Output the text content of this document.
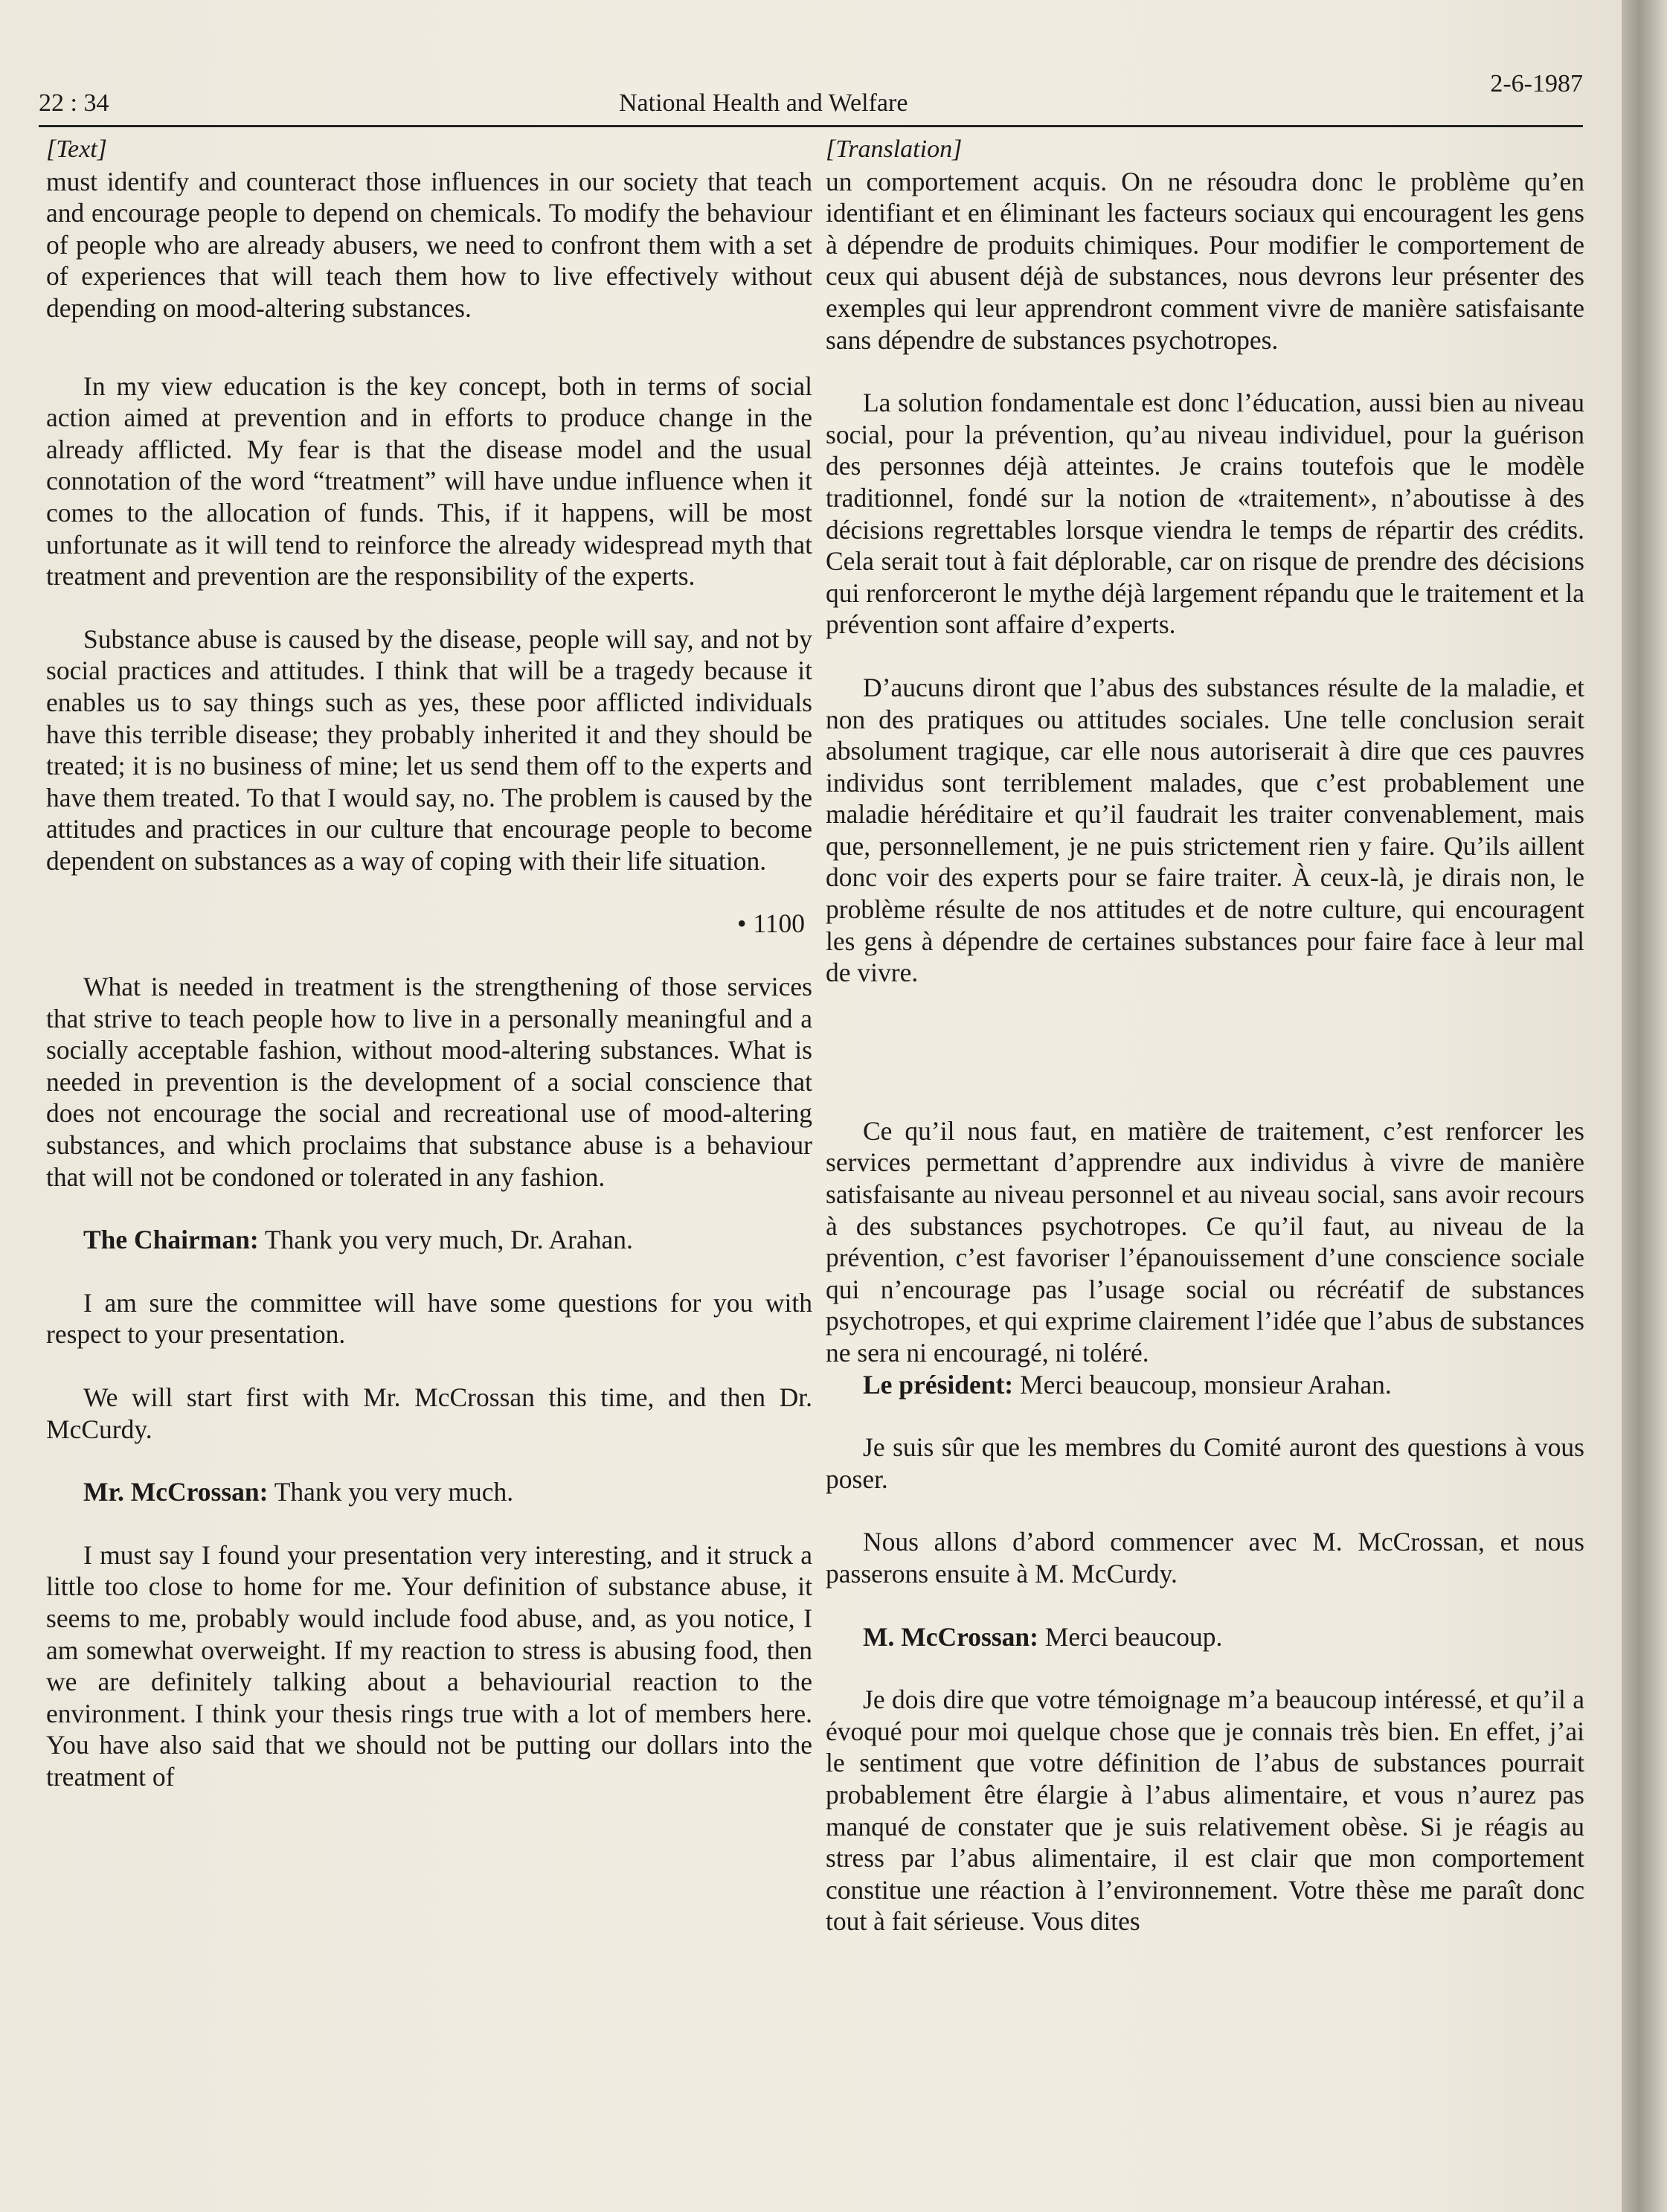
22 : 34	National Health and Welfare
2-6-1987

[Text]

must identify and counteract those influences in our society that teach and encourage people to depend on chemicals. To modify the behaviour of people who are already abusers, we need to confront them with a set of experiences that will teach them how to live effectively without depending on mood-altering substances.

In my view education is the key concept, both in terms of social action aimed at prevention and in efforts to produce change in the already afflicted. My fear is that the disease model and the usual connotation of the word “treatment” will have undue influence when it comes to the allocation of funds. This, if it happens, will be most unfortunate as it will tend to reinforce the already widespread myth that treatment and prevention are the responsibility of the experts.

Substance abuse is caused by the disease, people will say, and not by social practices and attitudes. I think that will be a tragedy because it enables us to say things such as yes, these poor afflicted individuals have this terrible disease; they probably inherited it and they should be treated; it is no business of mine; let us send them off to the experts and have them treated. To that I would say, no. The problem is caused by the attitudes and practices in our culture that encourage people to become dependent on substances as a way of coping with their life situation.

• 1100

What is needed in treatment is the strengthening of those services that strive to teach people how to live in a personally meaningful and a socially acceptable fashion, without mood-altering substances. What is needed in prevention is the development of a social conscience that does not encourage the social and recreational use of mood-altering substances, and which proclaims that substance abuse is a behaviour that will not be condoned or tolerated in any fashion.

The Chairman: Thank you very much, Dr. Arahan.

I am sure the committee will have some questions for you with respect to your presentation.

We will start first with Mr. McCrossan this time, and then Dr. McCurdy.

Mr. McCrossan: Thank you very much.

I must say I found your presentation very interesting, and it struck a little too close to home for me. Your definition of substance abuse, it seems to me, probably would include food abuse, and, as you notice, I am somewhat overweight. If my reaction to stress is abusing food, then we are definitely talking about a behaviourial reaction to the environment. I think your thesis rings true with a lot of members here. You have also said that we should not be putting our dollars into the treatment of

[Translation]

un comportement acquis. On ne résoudra donc le problème qu’en identifiant et en éliminant les facteurs sociaux qui encouragent les gens à dépendre de produits chimiques. Pour modifier le comportement de ceux qui abusent déjà de substances, nous devrons leur présenter des exemples qui leur apprendront comment vivre de manière satisfaisante sans dépendre de substances psychotropes.

La solution fondamentale est donc l’éducation, aussi bien au niveau social, pour la prévention, qu’au niveau individuel, pour la guérison des personnes déjà atteintes. Je crains toutefois que le modèle traditionnel, fondé sur la notion de «traitement», n’aboutisse à des décisions regrettables lorsque viendra le temps de répartir des crédits. Cela serait tout à fait déplorable, car on risque de prendre des décisions qui renforceront le mythe déjà largement répandu que le traitement et la prévention sont affaire d’experts.

D’aucuns diront que l’abus des substances résulte de la maladie, et non des pratiques ou attitudes sociales. Une telle conclusion serait absolument tragique, car elle nous autoriserait à dire que ces pauvres individus sont terriblement malades, que c’est probablement une maladie héréditaire et qu’il faudrait les traiter convenablement, mais que, personnellement, je ne puis strictement rien y faire. Qu’ils aillent donc voir des experts pour se faire traiter. À ceux-là, je dirais non, le problème résulte de nos attitudes et de notre culture, qui encouragent les gens à dépendre de certaines substances pour faire face à leur mal de vivre.

Ce qu’il nous faut, en matière de traitement, c’est renforcer les services permettant d’apprendre aux individus à vivre de manière satisfaisante au niveau personnel et au niveau social, sans avoir recours à des substances psychotropes. Ce qu’il faut, au niveau de la prévention, c’est favoriser l’épanouissement d’une conscience sociale qui n’encourage pas l’usage social ou récréatif de substances psychotropes, et qui exprime clairement l’idée que l’abus de substances ne sera ni encouragé, ni toléré.

Le président: Merci beaucoup, monsieur Arahan.

Je suis sûr que les membres du Comité auront des questions à vous poser.

Nous allons d’abord commencer avec M. McCrossan, et nous passerons ensuite à M. McCurdy.

M. McCrossan: Merci beaucoup.

Je dois dire que votre témoignage m’a beaucoup intéressé, et qu’il a évoqué pour moi quelque chose que je connais très bien. En effet, j’ai le sentiment que votre définition de l’abus de substances pourrait probablement être élargie à l’abus alimentaire, et vous n’aurez pas manqué de constater que je suis relativement obèse. Si je réagis au stress par l’abus alimentaire, il est clair que mon comportement constitue une réaction à l’environnement. Votre thèse me paraît donc tout à fait sérieuse. Vous dites
